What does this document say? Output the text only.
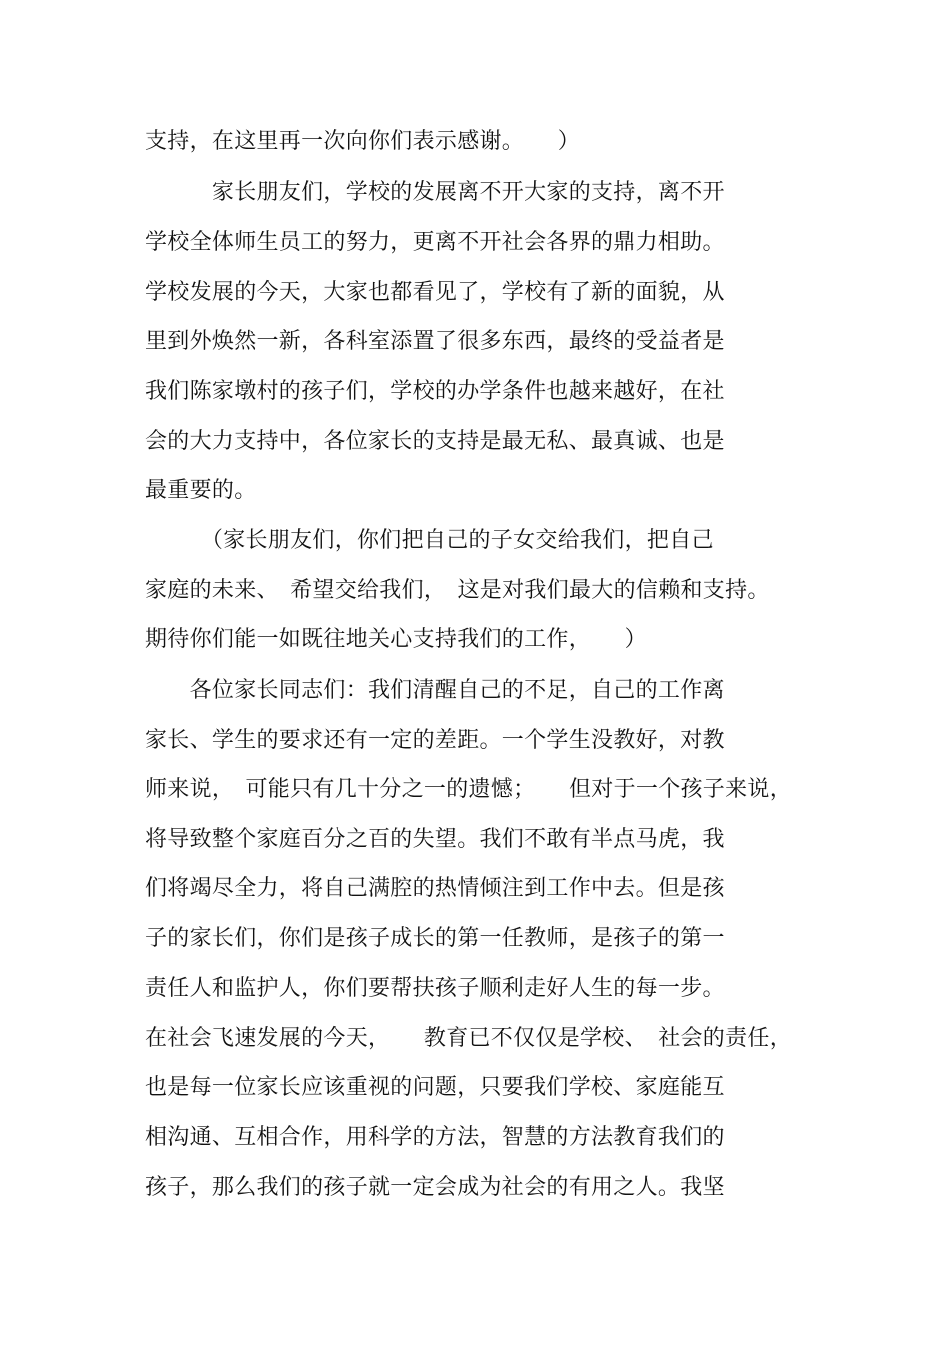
支持，在这里再一次向你们表示感谢。　　）
　　　家长朋友们，学校的发展离不开大家的支持，离不开
学校全体师生员工的努力，更离不开社会各界的鼎力相助。
学校发展的今天，大家也都看见了，学校有了新的面貌，从
里到外焕然一新，各科室添置了很多东西，最终的受益者是
我们陈家墩村的孩子们，学校的办学条件也越来越好，在社
会的大力支持中，各位家长的支持是最无私、最真诚、也是
最重要的。
　　　（家长朋友们，你们把自己的子女交给我们，把自己
家庭的未来、　希望交给我们，　这是对我们最大的信赖和支持。
期待你们能一如既往地关心支持我们的工作，　　）
　　各位家长同志们：我们清醒自己的不足，自己的工作离
家长、学生的要求还有一定的差距。一个学生没教好，对教
师来说，　可能只有几十分之一的遗憾；　　但对于一个孩子来说，
将导致整个家庭百分之百的失望。我们不敢有半点马虎，我
们将竭尽全力，将自己满腔的热情倾注到工作中去。但是孩
子的家长们，你们是孩子成长的第一任教师，是孩子的第一
责任人和监护人，你们要帮扶孩子顺利走好人生的每一步。
在社会飞速发展的今天，　　教育已不仅仅是学校、　社会的责任，
也是每一位家长应该重视的问题，只要我们学校、家庭能互
相沟通、互相合作，用科学的方法，智慧的方法教育我们的
孩子，那么我们的孩子就一定会成为社会的有用之人。我坚
